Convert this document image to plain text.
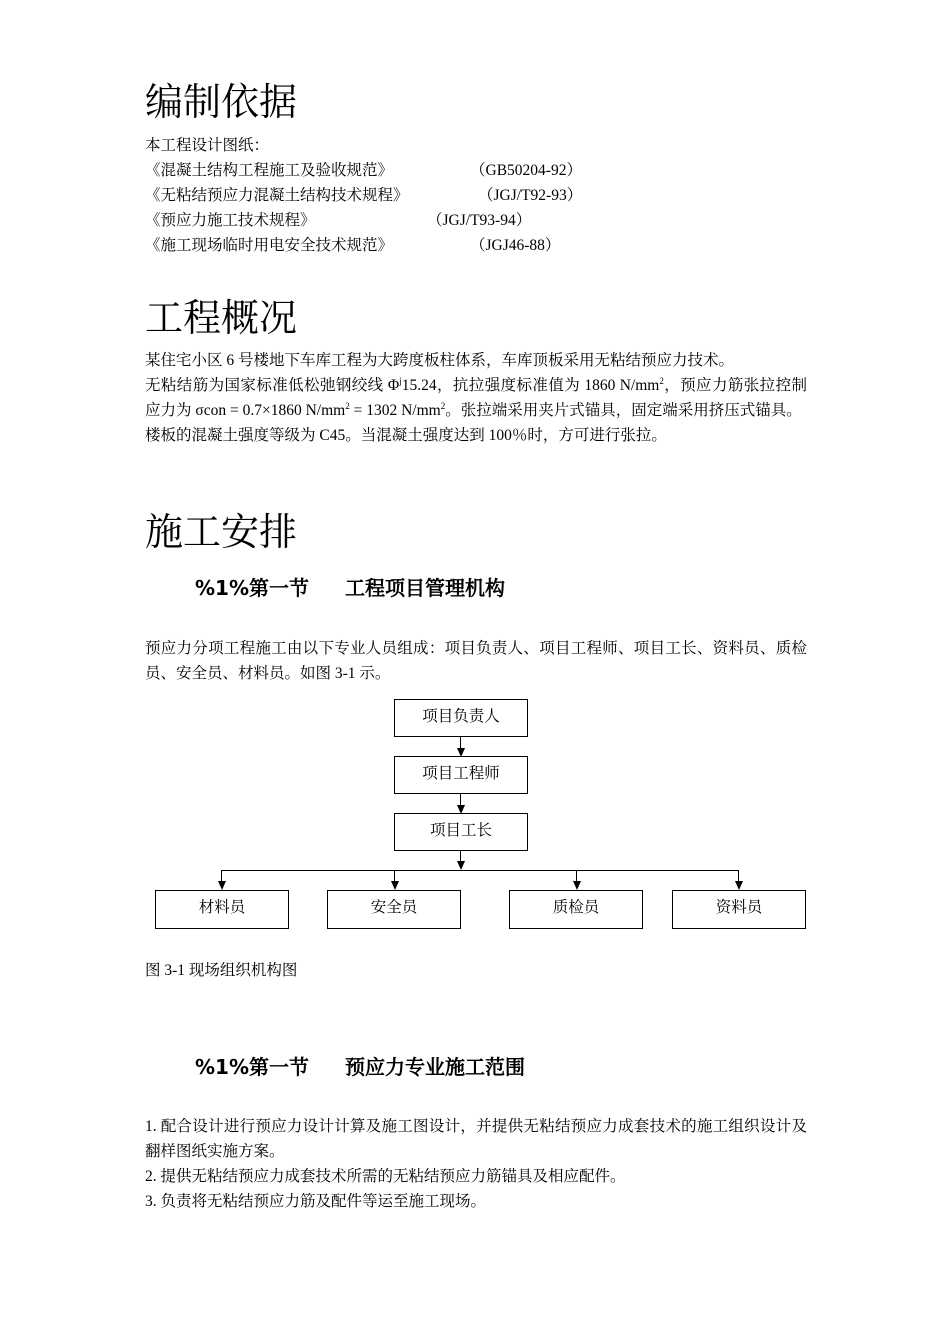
编制依据
本工程设计图纸：
《混凝土结构工程施工及验收规范》	（GB50204-92）
《无粘结预应力混凝土结构技术规程》	（JGJ/T92-93）
《预应力施工技术规程》	（JGJ/T93-94）
《施工现场临时用电安全技术规范》	（JGJ46-88）
工程概况

某住宅小区 6 号楼地下车库工程为大跨度板柱体系，车库顶板采用无粘结预应力技术。
无粘结筋为国家标准低松弛钢绞线 $\Phi^j15.24$，抗拉强度标准值为 1860 $N/mm^2$，预应力筋张拉控制应力为 σcon = 0.7×1860 $N/mm^2 = 1302$ $N/mm^2$。张拉端采用夹片式锚具，固定端采用挤压式锚具。
楼板的混凝土强度等级为 C45。当混凝土强度达到 100％时，方可进行张拉。

施工安排
%1%第一节 工程项目管理机构

预应力分项工程施工由以下专业人员组成：项目负责人、项目工程师、项目工长、资料员、质检员、安全员、材料员。如图 3-1 示。

项目负责人
项目工程师
项目工长
材料员	安全员	质检员	资料员
图 3-1 现场组织机构图
%1%第一节 预应力专业施工范围
1. 配合设计进行预应力设计计算及施工图设计，并提供无粘结预应力成套技术的施工组织设计及翻样图纸实施方案。
2. 提供无粘结预应力成套技术所需的无粘结预应力筋锚具及相应配件。
3. 负责将无粘结预应力筋及配件等运至施工现场。
